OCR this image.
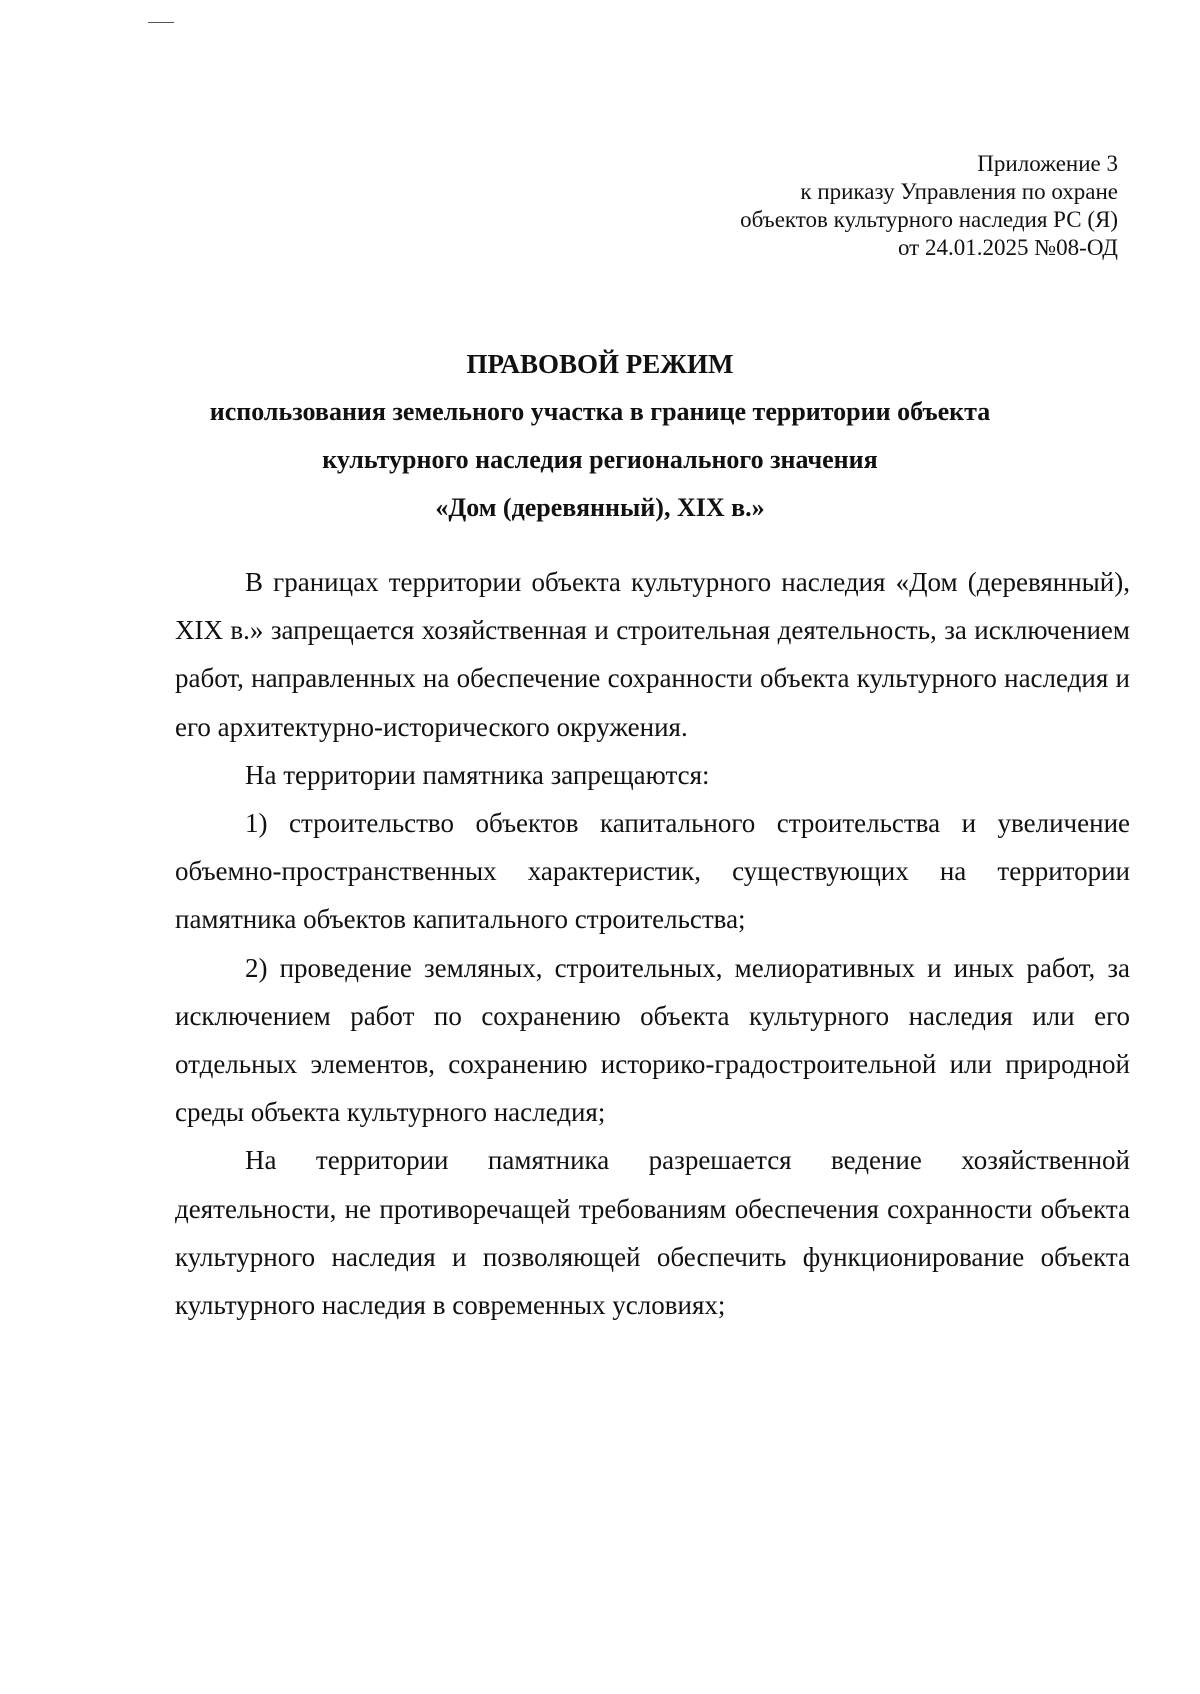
Приложение 3
к приказу Управления по охране
объектов культурного наследия РС (Я)
от 24.01.2025 №08-ОД
ПРАВОВОЙ РЕЖИМ
использования земельного участка в границе территории объекта
культурного наследия регионального значения
«Дом (деревянный), XIX в.»

В границах территории объекта культурного наследия «Дом (деревянный), XIX в.» запрещается хозяйственная и строительная деятельность, за исключением работ, направленных на обеспечение сохранности объекта культурного наследия и его архитектурно-исторического окружения.

На территории памятника запрещаются:

1) строительство объектов капитального строительства и увеличение объемно-пространственных характеристик, существующих на территории памятника объектов капитального строительства;

2) проведение земляных, строительных, мелиоративных и иных работ, за исключением работ по сохранению объекта культурного наследия или его отдельных элементов, сохранению историко-градостроительной или природной среды объекта культурного наследия;

На территории памятника разрешается ведение хозяйственной деятельности, не противоречащей требованиям обеспечения сохранности объекта культурного наследия и позволяющей обеспечить функционирование объекта культурного наследия в современных условиях;
